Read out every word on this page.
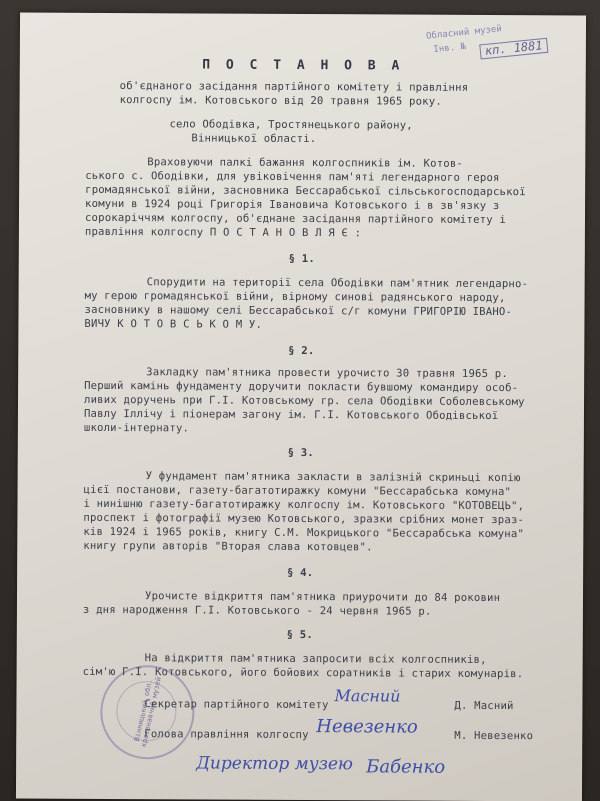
Обласний музей
Інв. №	кп. 1881
П О С Т А Н О В А
об'єднаного засідання партійного комітету і правління
колгоспу ім. Котовського від 20 травня 1965 року.
село Ободівка, Тростянецького району,
Вінницької області.
Враховуючи палкі бажання колгоспників ім. Котов-
ського с. Ободівки, для увіковічення пам'яті легендарного героя
громадянської війни, засновника Бессарабської сільськогосподарської
комуни в 1924 році Григорія Івановича Котовського і в зв'язку з
сорокаріччям колгоспу, об'єднане засідання партійного комітету і
правління колгоспу П О С Т А Н О В Л Я Є :
§ 1.
Спорудити на території села Ободівки пам'ятник легендарно-
му герою громадянської війни, вірному синові радянського народу,
засновнику в нашому селі Бессарабської с/г комуни ГРИГОРІЮ ІВАНО-
ВИЧУ К О Т О В С Ь К О М У.
§ 2.
Закладку пам'ятника провести урочисто 30 травня 1965 р.
Перший камінь фундаменту доручити покласти бувшому командиру особ-
ливих доручень при Г.І. Котовському гр. села Ободівки Соболевському
Павлу Іллічу і піонерам загону ім. Г.І. Котовського Ободівської
школи-інтернату.
§ 3.
У фундамент пам'ятника закласти в залізній скриньці копію
цієї постанови, газету-багатотиражку комуни "Бессарабська комуна"
і нинішню газету-багатотиражку колгоспу ім. Котовського "КОТОВЕЦЬ",
проспект і фотографії музею Котовського, зразки срібних монет зраз-
ків 1924 і 1965 років, книгу С.М. Мокрицького "Бессарабська комуна"
книгу групи авторів "Вторая слава котовцев".
§ 4.
Урочисте відкриття пам'ятника приурочити до 84 роковин
з дня народження Г.І. Котовського - 24 червня 1965 р.
§ 5.
На відкриття пам'ятника запросити всіх колгоспників,
сім'ю Г.І. Котовського, його бойових соратників і старих комунарів.
Вінницький обл. краєзнавчий музей
Секретар партійного комітету Масний
Д. Масний
Голова правління колгоспу Невезенко	М. Невезенко
Директор музею Бабенко
